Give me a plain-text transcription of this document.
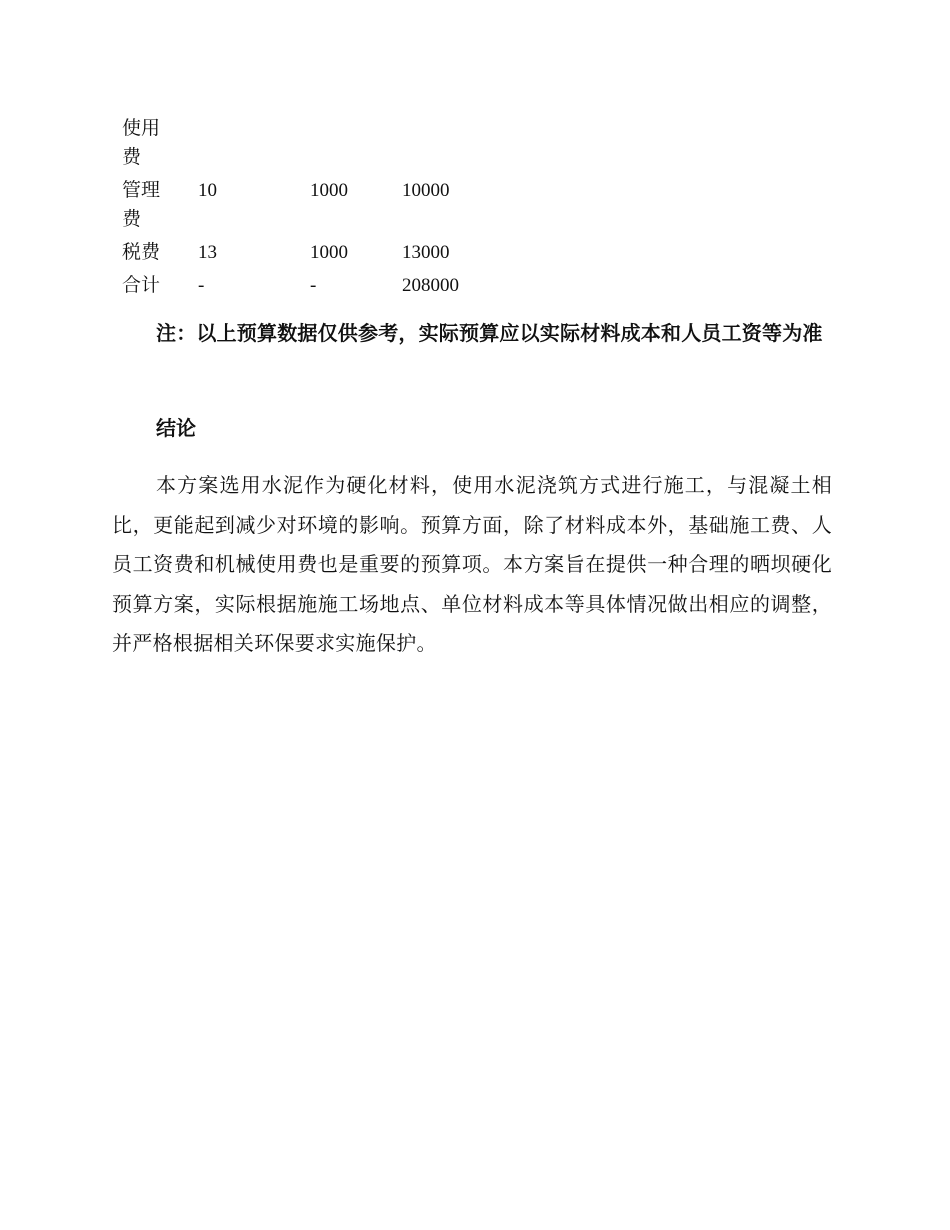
使用费			
管理费	10	1000	10000
税费	13	1000	13000
合计	-	-	208000

注：以上预算数据仅供参考，实际预算应以实际材料成本和人员工资等为准

结论

本方案选用水泥作为硬化材料，使用水泥浇筑方式进行施工，与混凝土相比，更能起到减少对环境的影响。预算方面，除了材料成本外，基础施工费、人员工资费和机械使用费也是重要的预算项。本方案旨在提供一种合理的晒坝硬化预算方案，实际根据施施工场地点、单位材料成本等具体情况做出相应的调整，并严格根据相关环保要求实施保护。
